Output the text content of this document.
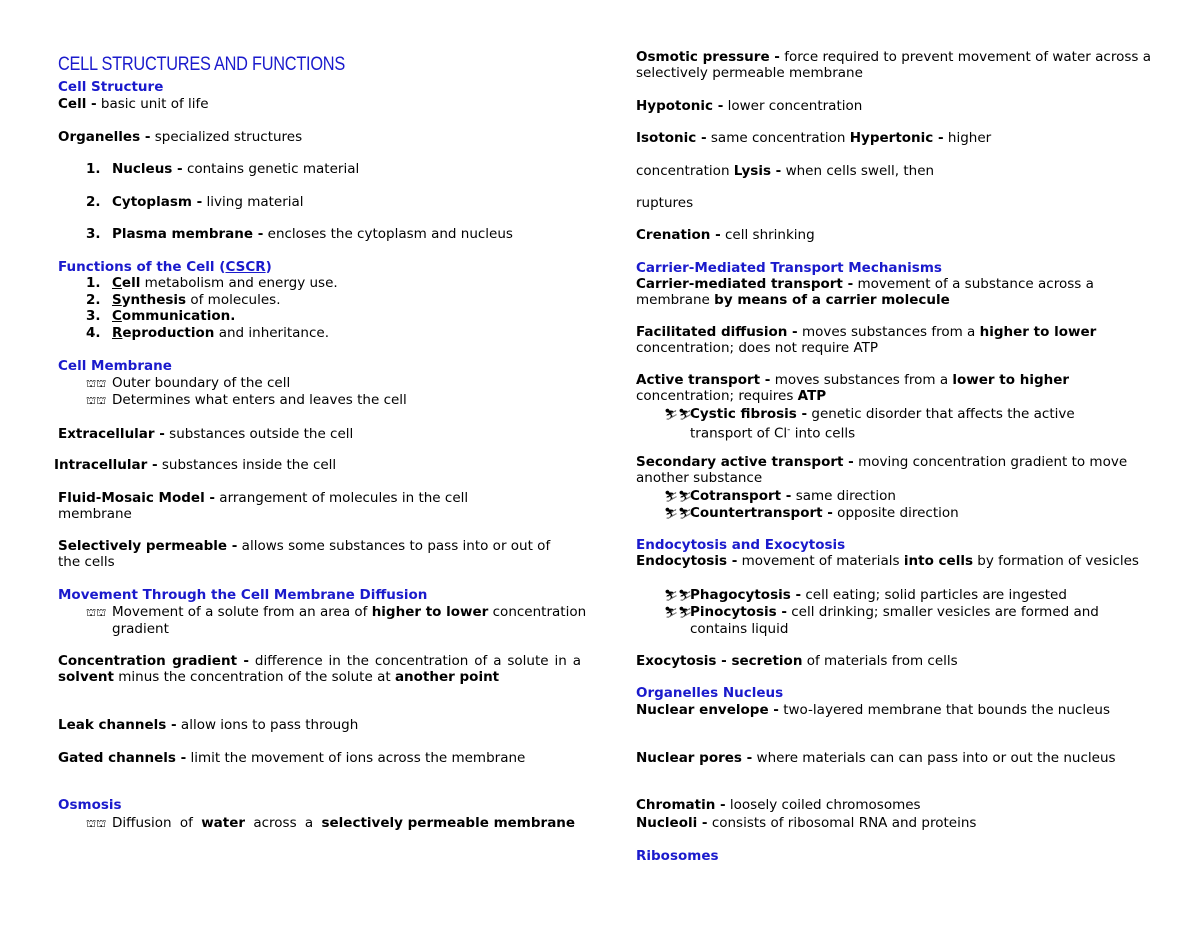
CELL STRUCTURES AND FUNCTIONS
Cell Structure
Cell - basic unit of life
Organelles - specialized structures
1. Nucleus - contains genetic material
2. Cytoplasm - living material
3. Plasma membrane - encloses the cytoplasm and nucleus
Functions of the Cell (CSCR)
1. Cell metabolism and energy use.
2. Synthesis of molecules.
3. Communication.
4. Reproduction and inheritance.
Cell Membrane
⛫⛫ Outer boundary of the cell
⛫⛫ Determines what enters and leaves the cell
Extracellular - substances outside the cell
Intracellular - substances inside the cell
Fluid-Mosaic Model - arrangement of molecules in the cell membrane
Selectively permeable - allows some substances to pass into or out of the cells
Movement Through the Cell Membrane Diffusion
⛫⛫ Movement of a solute from an area of higher to lower concentration gradient
Concentration gradient - difference in the concentration of a solute in a solvent minus the concentration of the solute at another point
Leak channels - allow ions to pass through
Gated channels - limit the movement of ions across the membrane
Osmosis
⛫⛫ Diffusion of water across a selectively permeable membrane
Osmotic pressure - force required to prevent movement of water across a selectively permeable membrane
Hypotonic - lower concentration
Isotonic - same concentration Hypertonic - higher
concentration Lysis - when cells swell, then
ruptures
Crenation - cell shrinking
Carrier-Mediated Transport Mechanisms
Carrier-mediated transport - movement of a substance across a membrane by means of a carrier molecule
Facilitated diffusion - moves substances from a higher to lower concentration; does not require ATP
Active transport - moves substances from a lower to higher concentration; requires ATP
⛷⛷Cystic fibrosis - genetic disorder that affects the active
transport of Cl- into cells
Secondary active transport - moving concentration gradient to move another substance
⛷⛷Cotransport - same direction
⛷⛷Countertransport - opposite direction
Endocytosis and Exocytosis
Endocytosis - movement of materials into cells by formation of vesicles
⛷⛷Phagocytosis - cell eating; solid particles are ingested
⛷⛷Pinocytosis - cell drinking; smaller vesicles are formed and
contains liquid
Exocytosis - secretion of materials from cells
Organelles Nucleus
Nuclear envelope - two-layered membrane that bounds the nucleus
Nuclear pores - where materials can can pass into or out the nucleus
Chromatin - loosely coiled chromosomes
Nucleoli - consists of ribosomal RNA and proteins
Ribosomes
